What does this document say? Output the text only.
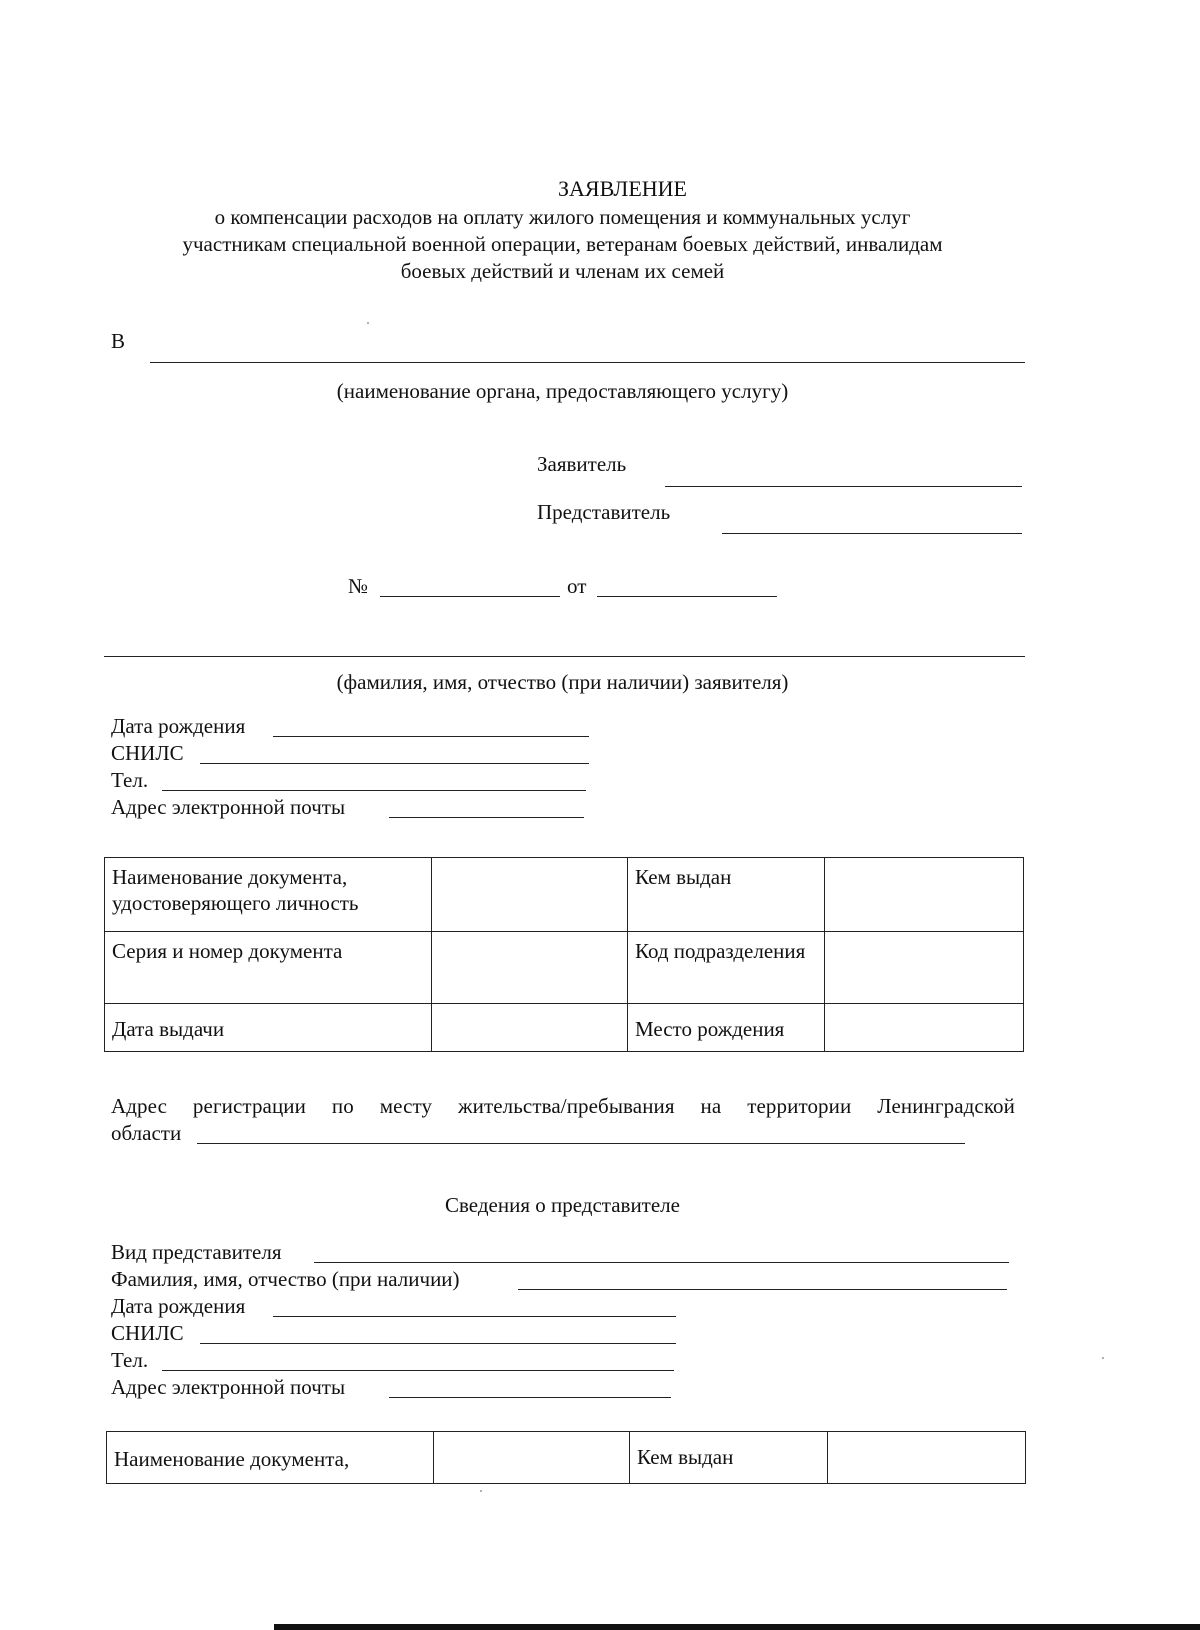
ЗАЯВЛЕНИЕ
о компенсации расходов на оплату жилого помещения и коммунальных услуг
участникам специальной военной операции, ветеранам боевых действий, инвалидам
боевых действий и членам их семей
В
(наименование органа, предоставляющего услугу)
Заявитель
Представитель
№	от
(фамилия, имя, отчество (при наличии) заявителя)
Дата рождения
СНИЛС
Тел.
Адрес электронной почты
Наименование документа, удостоверяющего личность		Кем выдан	
Серия и номер документа		Код подразделения	
Дата выдачи		Место рождения	
Адрес регистрации по месту жительства/пребывания на территории Ленинградской
области
Сведения о представителе
Вид представителя
Фамилия, имя, отчество (при наличии)
Дата рождения
СНИЛС
Тел.
Адрес электронной почты
Наименование документа,		Кем выдан	
